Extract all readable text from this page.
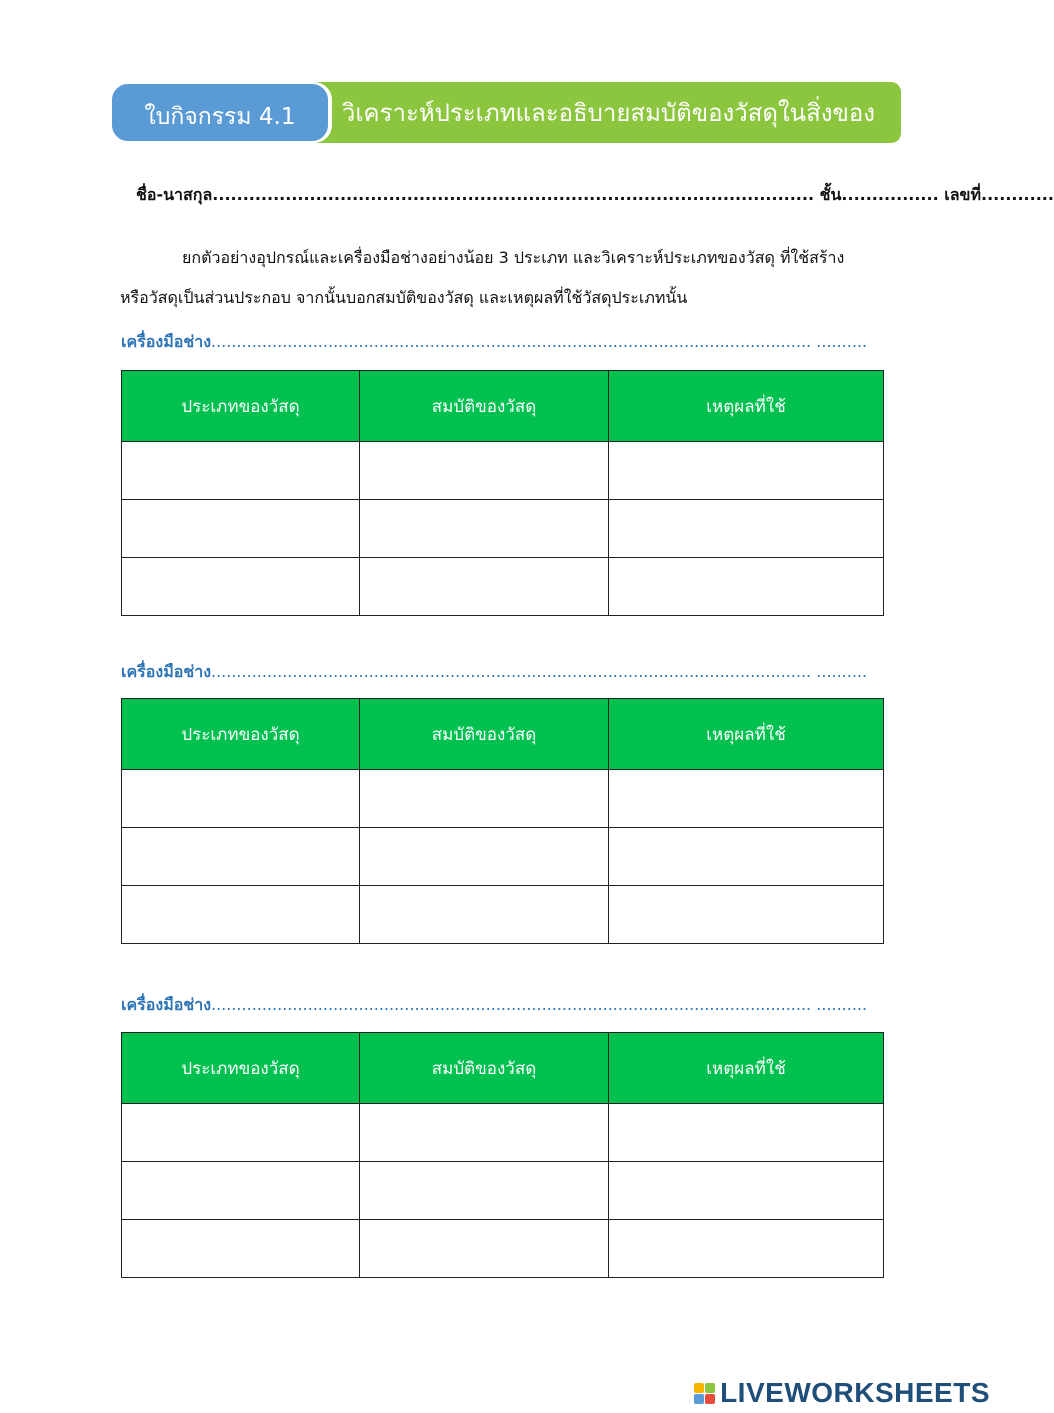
วิเคราะห์ประเภทและอธิบายสมบัติของวัสดุในสิ่งของ
ใบกิจกรรม 4.1
ชื่อ-นาสกุล................................................................................................... ชั้น................ เลขที่............
ยกตัวอย่างอุปกรณ์และเครื่องมือช่างอย่างน้อย 3 ประเภท และวิเคราะห์ประเภทของวัสดุ ที่ใช้สร้าง
หรือวัสดุเป็นส่วนประกอบ จากนั้นบอกสมบัติของวัสดุ และเหตุผลที่ใช้วัสดุประเภทนั้น
เครื่องมือช่าง...................................................................................................................... ..........
ประเภทของวัสดุ	สมบัติของวัสดุ	เหตุผลที่ใช้

เครื่องมือช่าง...................................................................................................................... ..........
ประเภทของวัสดุ	สมบัติของวัสดุ	เหตุผลที่ใช้

เครื่องมือช่าง...................................................................................................................... ..........
ประเภทของวัสดุ	สมบัติของวัสดุ	เหตุผลที่ใช้

LIVEWORKSHEETS
